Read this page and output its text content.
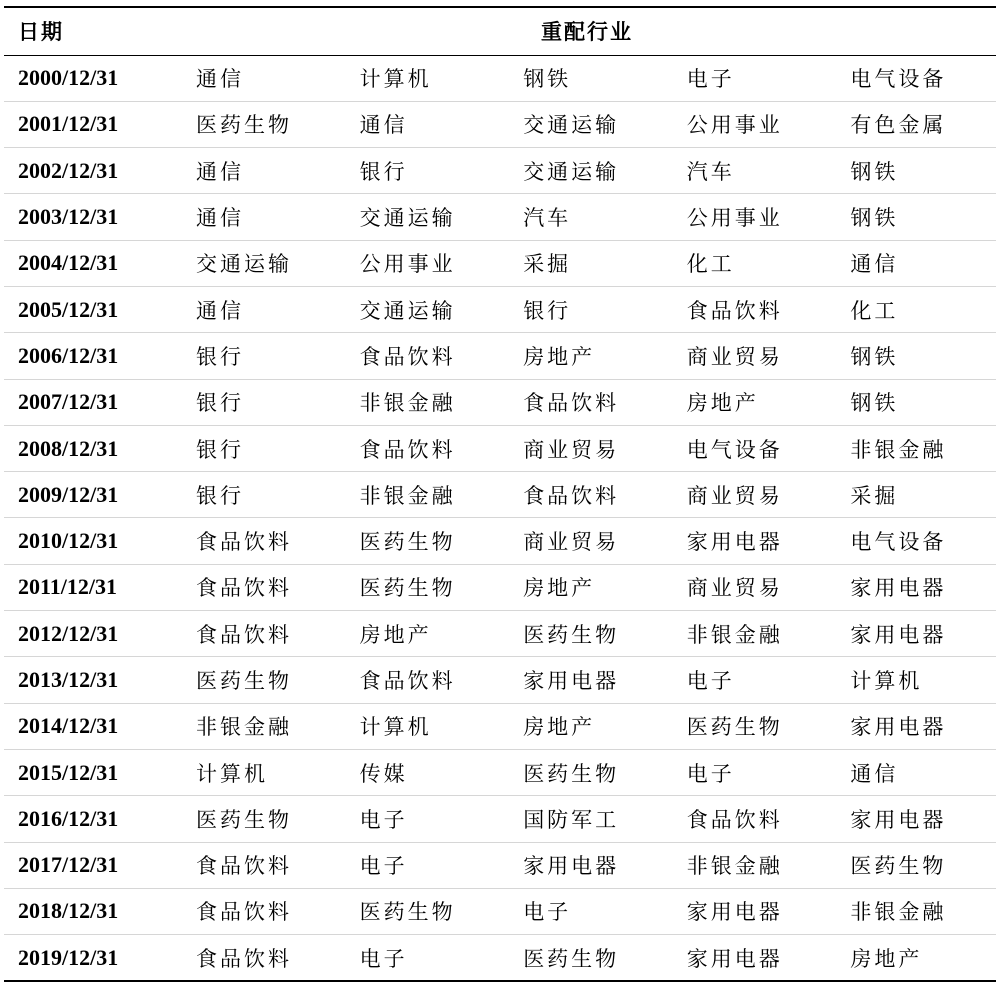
日期	重配行业				
2000/12/31	通信	计算机	钢铁	电子	电气设备
2001/12/31	医药生物	通信	交通运输	公用事业	有色金属
2002/12/31	通信	银行	交通运输	汽车	钢铁
2003/12/31	通信	交通运输	汽车	公用事业	钢铁
2004/12/31	交通运输	公用事业	采掘	化工	通信
2005/12/31	通信	交通运输	银行	食品饮料	化工
2006/12/31	银行	食品饮料	房地产	商业贸易	钢铁
2007/12/31	银行	非银金融	食品饮料	房地产	钢铁
2008/12/31	银行	食品饮料	商业贸易	电气设备	非银金融
2009/12/31	银行	非银金融	食品饮料	商业贸易	采掘
2010/12/31	食品饮料	医药生物	商业贸易	家用电器	电气设备
2011/12/31	食品饮料	医药生物	房地产	商业贸易	家用电器
2012/12/31	食品饮料	房地产	医药生物	非银金融	家用电器
2013/12/31	医药生物	食品饮料	家用电器	电子	计算机
2014/12/31	非银金融	计算机	房地产	医药生物	家用电器
2015/12/31	计算机	传媒	医药生物	电子	通信
2016/12/31	医药生物	电子	国防军工	食品饮料	家用电器
2017/12/31	食品饮料	电子	家用电器	非银金融	医药生物
2018/12/31	食品饮料	医药生物	电子	家用电器	非银金融
2019/12/31	食品饮料	电子	医药生物	家用电器	房地产
